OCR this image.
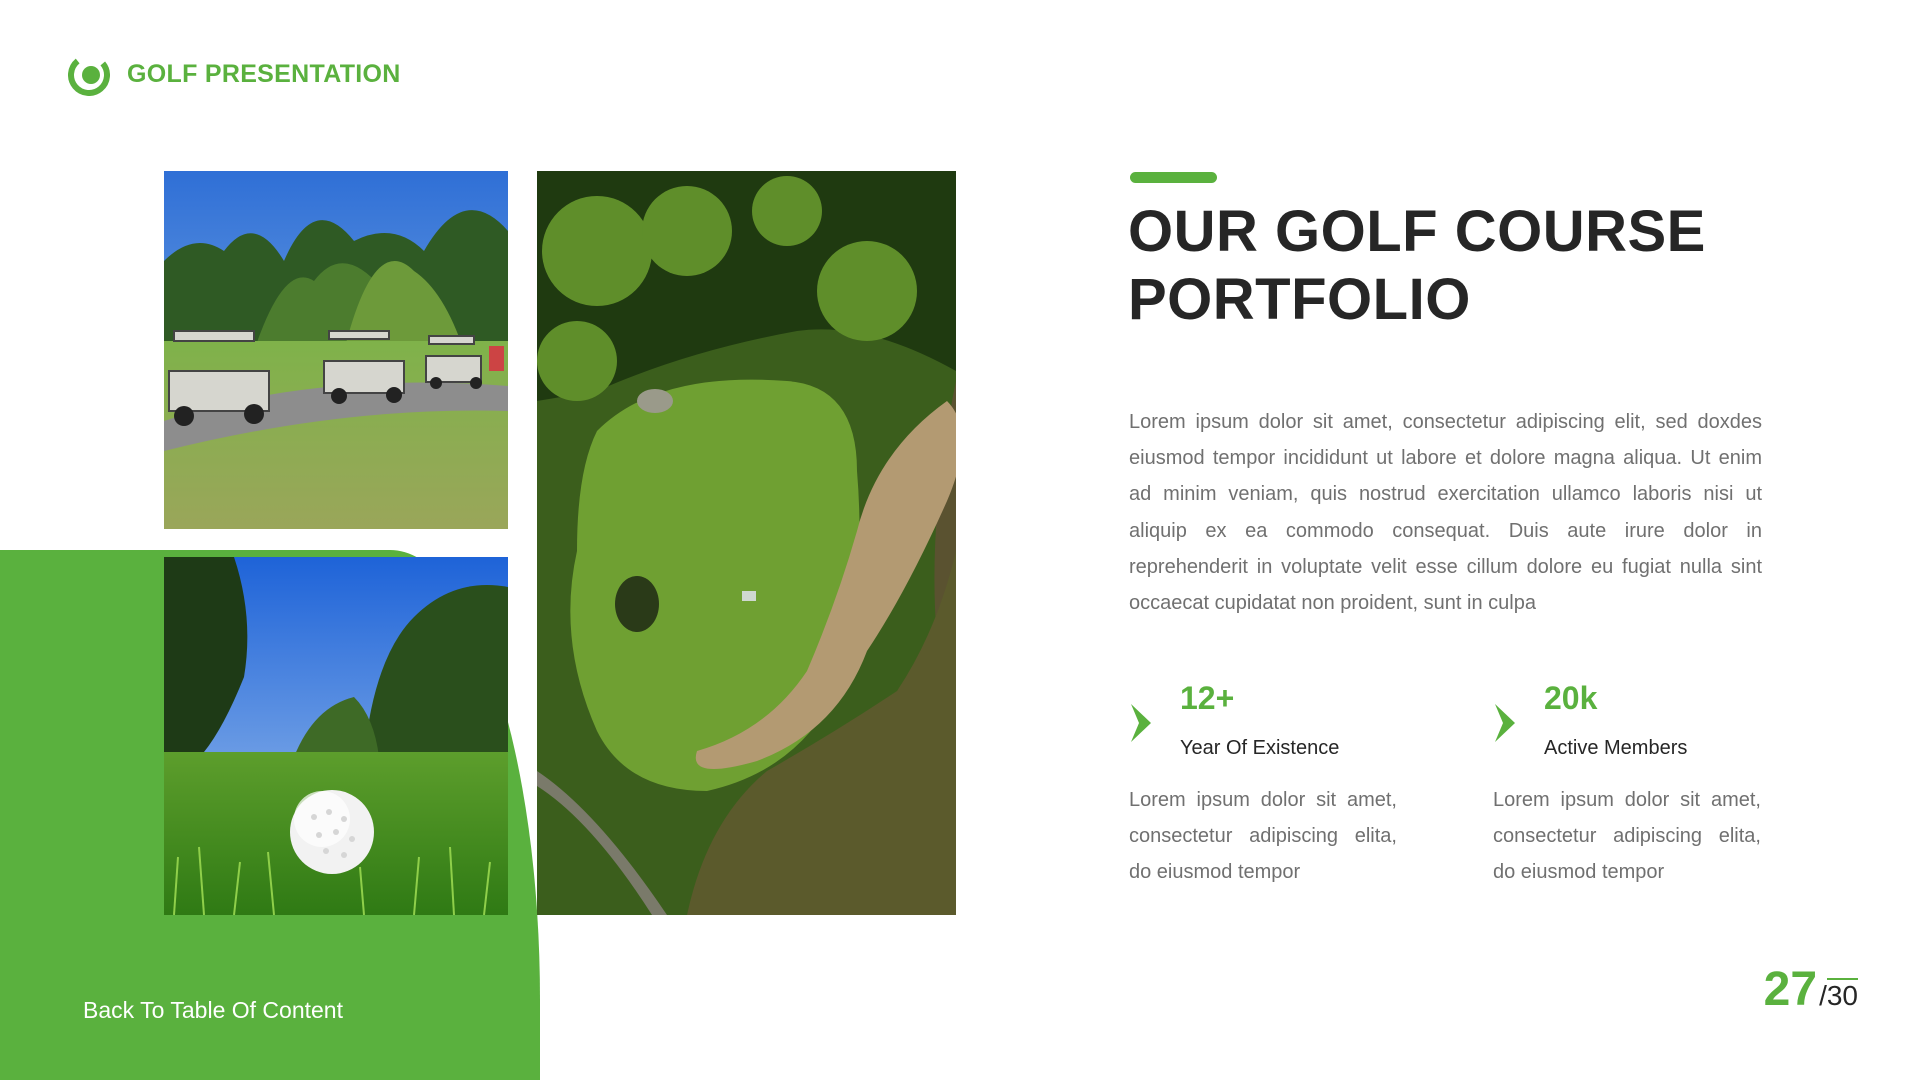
GOLF PRESENTATION
OUR GOLF COURSE
PORTFOLIO
Lorem ipsum dolor sit amet, consectetur adipiscing elit, sed doxdes eiusmod tempor incididunt ut labore et dolore magna aliqua. Ut enim ad minim veniam, quis nostrud exercitation ullamco laboris nisi ut aliquip ex ea commodo consequat. Duis aute irure dolor in reprehenderit in voluptate velit esse cillum dolore eu fugiat nulla sint occaecat cupidatat non proident, sunt in culpa
12+
Year Of Existence
Lorem ipsum dolor sit amet, consectetur adipiscing elita, do eiusmod tempor
20k
Active Members
Lorem ipsum dolor sit amet, consectetur adipiscing elita, do eiusmod tempor
Back To Table Of Content	27 / 30
